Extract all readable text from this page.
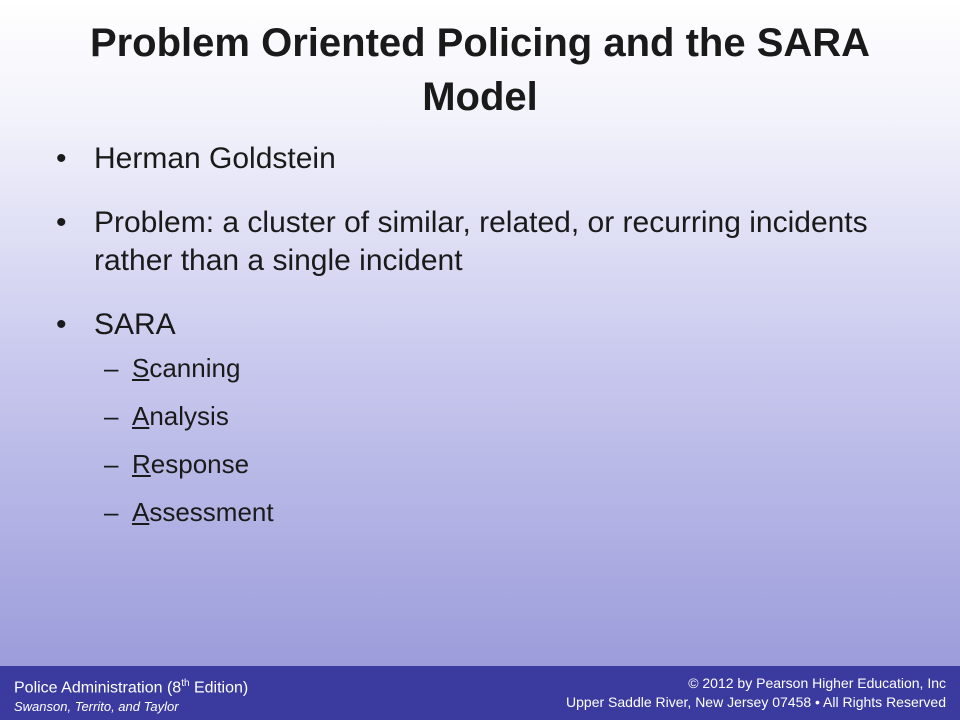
Problem Oriented Policing and the SARA Model
• Herman Goldstein
• Problem: a cluster of similar, related, or recurring incidents rather than a single incident
• SARA
– Scanning
– Analysis
– Response
– Assessment
Police Administration (8th Edition)
Swanson, Territo, and Taylor
© 2012 by Pearson Higher Education, Inc
Upper Saddle River, New Jersey 07458 • All Rights Reserved
